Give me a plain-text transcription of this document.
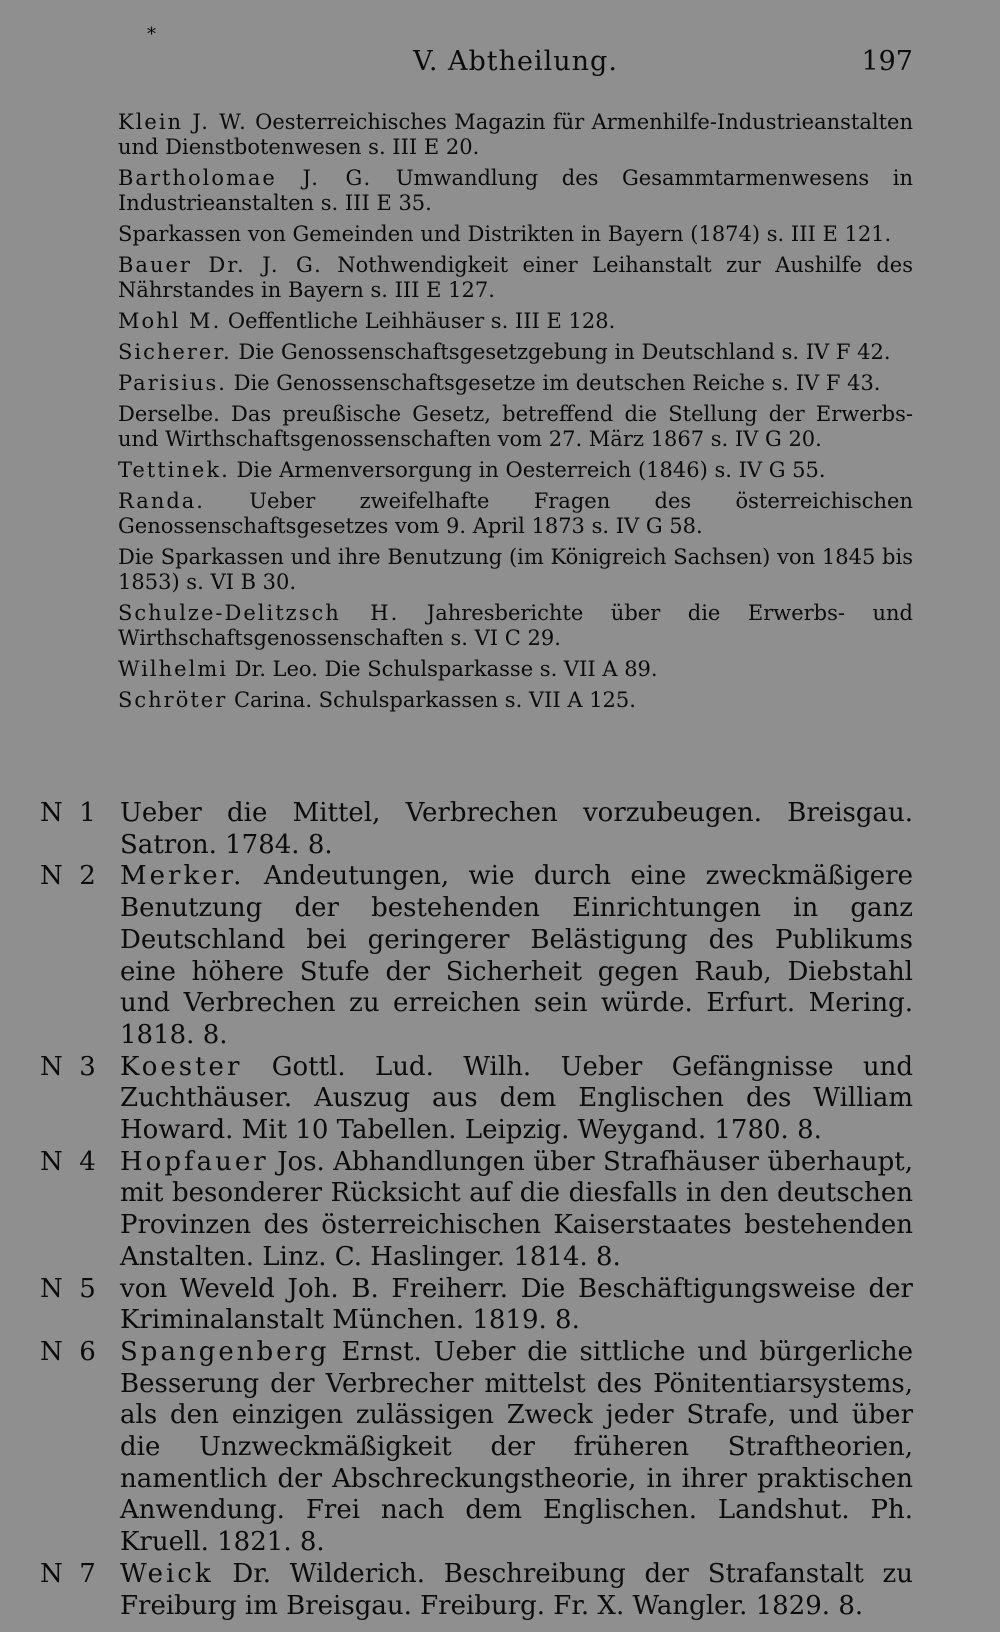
*
V. Abtheilung.	197
Klein J. W. Oesterreichisches Magazin für Armenhilfe-Industrieanstalten und Dienstbotenwesen s. III E 20.
Bartholomae J. G. Umwandlung des Gesammtarmenwesens in Industrieanstalten s. III E 35.
Sparkassen von Gemeinden und Distrikten in Bayern (1874) s. III E 121.
Bauer Dr. J. G. Nothwendigkeit einer Leihanstalt zur Aushilfe des Nährstandes in Bayern s. III E 127.
Mohl M. Oeffentliche Leihhäuser s. III E 128.
Sicherer. Die Genossenschaftsgesetzgebung in Deutschland s. IV F 42.
Parisius. Die Genossenschaftsgesetze im deutschen Reiche s. IV F 43.
Derselbe. Das preußische Gesetz, betreffend die Stellung der Erwerbs- und Wirthschaftsgenossenschaften vom 27. März 1867 s. IV G 20.
Tettinek. Die Armenversorgung in Oesterreich (1846) s. IV G 55.
Randa. Ueber zweifelhafte Fragen des österreichischen Genossenschaftsgesetzes vom 9. April 1873 s. IV G 58.
Die Sparkassen und ihre Benutzung (im Königreich Sachsen) von 1845 bis 1853) s. VI B 30.
Schulze-Delitzsch H. Jahresberichte über die Erwerbs- und Wirthschaftsgenossenschaften s. VI C 29.
Wilhelmi Dr. Leo. Die Schulsparkasse s. VII A 89.
Schröter Carina. Schulsparkassen s. VII A 125.
N  1 Ueber die Mittel, Verbrechen vorzubeugen. Breisgau. Satron. 1784. 8.
N  2 Merker. Andeutungen, wie durch eine zweckmäßigere Benutzung der bestehenden Einrichtungen in ganz Deutschland bei geringerer Belästigung des Publikums eine höhere Stufe der Sicherheit gegen Raub, Diebstahl und Verbrechen zu erreichen sein würde. Erfurt. Mering. 1818. 8.
N  3 Koester Gottl. Lud. Wilh. Ueber Gefängnisse und Zuchthäuser. Auszug aus dem Englischen des William Howard. Mit 10 Tabellen. Leipzig. Weygand. 1780. 8.
N  4 Hopfauer Jos. Abhandlungen über Strafhäuser überhaupt, mit besonderer Rücksicht auf die diesfalls in den deutschen Provinzen des österreichischen Kaiserstaates bestehenden Anstalten. Linz. C. Haslinger. 1814. 8.
N  5 von Weveld Joh. B. Freiherr. Die Beschäftigungsweise der Kriminalanstalt München. 1819. 8.
N  6 Spangenberg Ernst. Ueber die sittliche und bürgerliche Besserung der Verbrecher mittelst des Pönitentiarsystems, als den einzigen zulässigen Zweck jeder Strafe, und über die Unzweckmäßigkeit der früheren Straftheorien, namentlich der Abschreckungstheorie, in ihrer praktischen Anwendung. Frei nach dem Englischen. Landshut. Ph. Kruell. 1821. 8.
N  7 Weick Dr. Wilderich. Beschreibung der Strafanstalt zu Freiburg im Breisgau. Freiburg. Fr. X. Wangler. 1829. 8.
